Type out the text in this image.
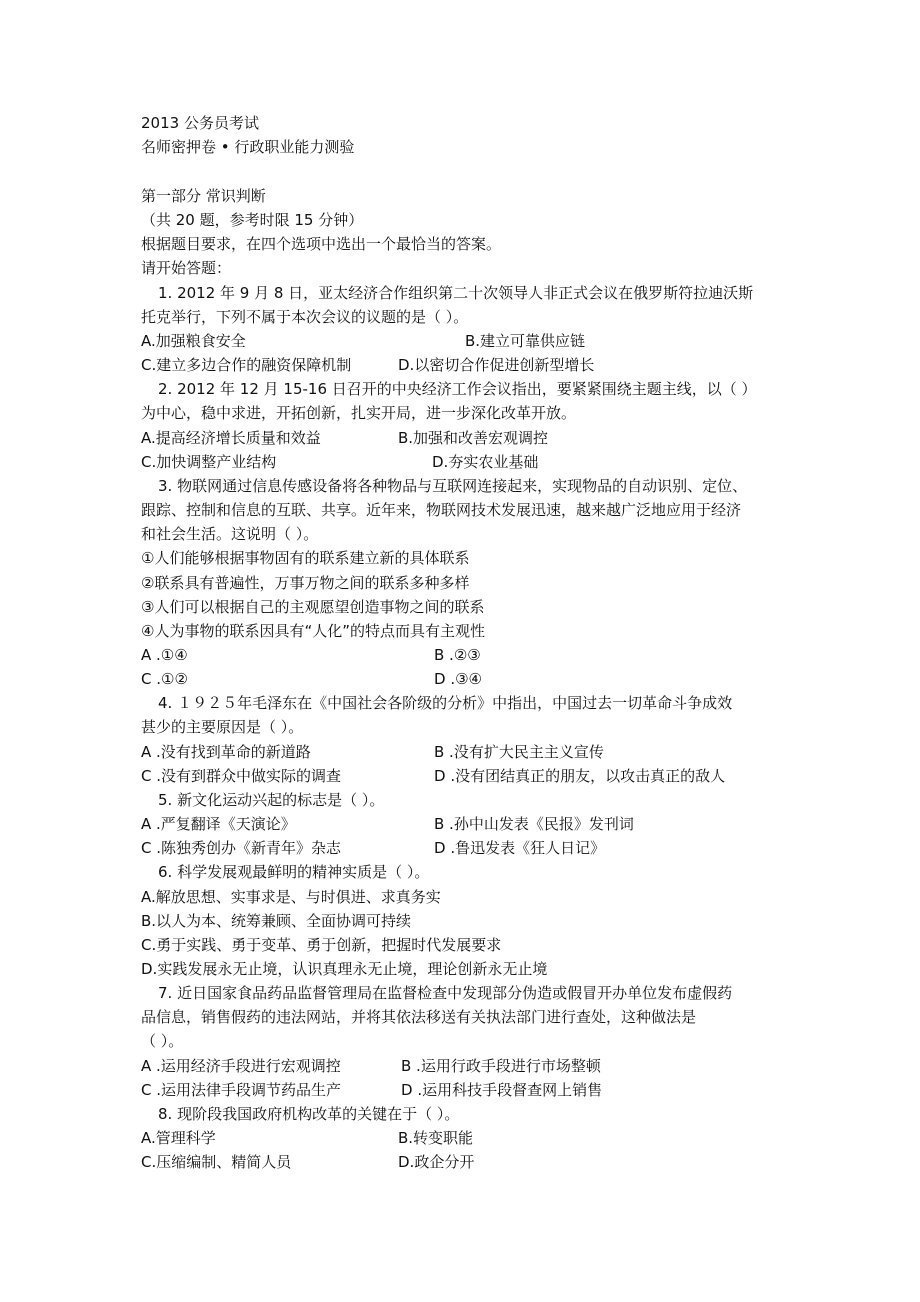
2013 公务员考试
名师密押卷 • 行政职业能力测验
第一部分 常识判断
（共 20 题，参考时限 15 分钟）
根据题目要求，在四个选项中选出一个最恰当的答案。
请开始答题：
1. 2012 年 9 月 8 日，亚太经济合作组织第二十次领导人非正式会议在俄罗斯符拉迪沃斯
托克举行，下列不属于本次会议的议题的是（ ）。
A.加强粮食安全	B.建立可靠供应链
C.建立多边合作的融资保障机制	D.以密切合作促进创新型增长
2. 2012 年 12 月 15-16 日召开的中央经济工作会议指出，要紧紧围绕主题主线，以（ ）
为中心，稳中求进，开拓创新，扎实开局，进一步深化改革开放。
A.提高经济增长质量和效益	B.加强和改善宏观调控
C.加快调整产业结构	D.夯实农业基础
3. 物联网通过信息传感设备将各种物品与互联网连接起来，实现物品的自动识别、定位、
跟踪、控制和信息的互联、共享。近年来，物联网技术发展迅速，越来越广泛地应用于经济
和社会生活。这说明（ ）。
①人们能够根据事物固有的联系建立新的具体联系
②联系具有普遍性，万事万物之间的联系多种多样
③人们可以根据自己的主观愿望创造事物之间的联系
④人为事物的联系因具有“人化”的特点而具有主观性
A .①④	B .②③
C .①②	D .③④
4. １９２５年毛泽东在《中国社会各阶级的分析》中指出，中国过去一切革命斗争成效
甚少的主要原因是（ ）。
A .没有找到革命的新道路	B .没有扩大民主主义宣传
C .没有到群众中做实际的调查	D .没有团结真正的朋友，以攻击真正的敌人
5. 新文化运动兴起的标志是（ ）。
A .严复翻译《天演论》	B .孙中山发表《民报》发刊词
C .陈独秀创办《新青年》杂志	D .鲁迅发表《狂人日记》
6. 科学发展观最鲜明的精神实质是（ ）。
A.解放思想、实事求是、与时俱进、求真务实
B.以人为本、统筹兼顾、全面协调可持续
C.勇于实践、勇于变革、勇于创新，把握时代发展要求
D.实践发展永无止境，认识真理永无止境，理论创新永无止境
7. 近日国家食品药品监督管理局在监督检查中发现部分伪造或假冒开办单位发布虚假药
品信息，销售假药的违法网站，并将其依法移送有关执法部门进行查处，这种做法是
（ ）。
A .运用经济手段进行宏观调控	B .运用行政手段进行市场整顿
C .运用法律手段调节药品生产	D .运用科技手段督查网上销售
8. 现阶段我国政府机构改革的关键在于（ ）。
A.管理科学	B.转变职能
C.压缩编制、精简人员	D.政企分开
